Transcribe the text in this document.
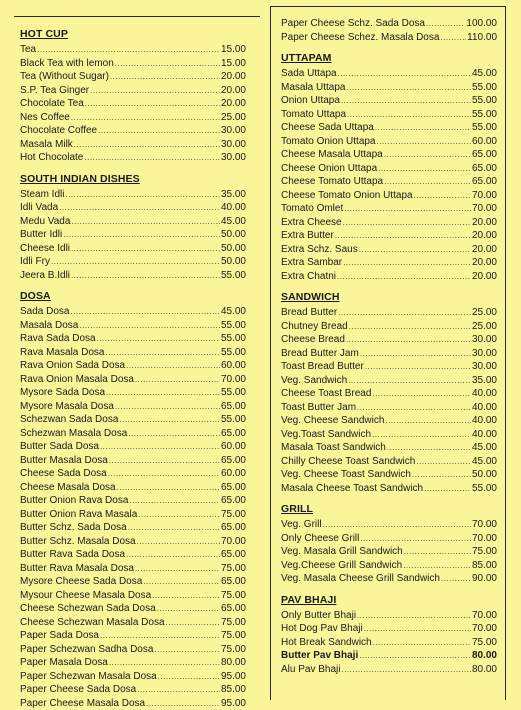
HOT CUP
Tea .....	15.00
Black Tea with lemon .....	15.00
Tea (Without Sugar) .....	20.00
S.P. Tea Ginger .....	20.00
Chocolate Tea .....	20.00
Nes Coffee .....	25.00
Chocolate Coffee .....	30.00
Masala Milk .....	30.00
Hot Chocolate .....	30.00
SOUTH INDIAN DISHES
Steam Idli .....	35.00
Idli Vada .....	40.00
Medu Vada .....	45.00
Butter Idli .....	50.00
Cheese Idli .....	50.00
Idli Fry .....	50.00
Jeera B.Idli .....	55.00
DOSA
Sada Dosa .....	45.00
Masala Dosa .....	55.00
Rava Sada Dosa .....	55.00
Rava Masala Dosa .....	55.00
Rava Onion Sada Dosa .....	60.00
Rava Onion Masala Dosa .....	70.00
Mysore Sada Dosa .....	55.00
Mysore Masala Dosa .....	65.00
Schezwan Sada Dosa .....	55.00
Schezwan Masala Dosa .....	65.00
Butter Sada Dosa .....	60.00
Butter Masala Dosa .....	65.00
Cheese Sada Dosa .....	60.00
Cheese Masala Dosa .....	65.00
Butter Onion Rava Dosa .....	65.00
Butter Onion Rava Masala .....	75.00
Butter Schz. Sada Dosa .....	65.00
Butter Schz. Masala Dosa .....	70.00
Butter Rava Sada Dosa .....	65.00
Butter Rava Masala Dosa .....	75.00
Mysore Cheese Sada Dosa .....	65.00
Mysour Cheese Masala Dosa .....	75.00
Cheese Schezwan Sada Dosa .....	65.00
Cheese Schezwan Masala Dosa .....	75.00
Paper Sada Dosa .....	75.00
Paper Schezwan Sadha Dosa .....	75.00
Paper Masala Dosa .....	80.00
Paper Schezwan Masala Dosa .....	95.00
Paper Cheese Sada Dosa .....	85.00
Paper Cheese Masala Dosa .....	95.00
Paper Cheese Schz. Sada Dosa .....	100.00
Paper Cheese Schez. Masala Dosa .....	110.00
UTTAPAM
Sada Uttapa .....	45.00
Masala Uttapa .....	55.00
Onion Uttapa .....	55.00
Tomato Uttapa .....	55.00
Cheese Sada Uttapa .....	55.00
Tomato Onion Uttapa .....	60.00
Cheese Masala Uttapa .....	65.00
Cheese Onion Uttapa .....	65.00
Cheese Tomato Uttapa .....	65.00
Cheese Tomato Onion Uttapa .....	70.00
Tomato Omlet .....	70.00
Extra Cheese .....	20.00
Extra Butter .....	20.00
Extra Schz. Saus .....	20.00
Extra Sambar .....	20.00
Extra Chatni .....	20.00
SANDWICH
Bread Butter .....	25.00
Chutney Bread .....	25.00
Cheese Bread .....	30.00
Bread Butter Jam .....	30.00
Toast Bread Butter .....	30.00
Veg. Sandwich .....	35.00
Cheese Toast Bread .....	40.00
Toast Butter Jam .....	40.00
Veg. Cheese Sandwich .....	40.00
Veg.Toast Sandwich .....	40.00
Masala Toast Sandwich .....	45.00
Chilly Cheese Toast Sandwich .....	45.00
Veg. Cheese Toast Sandwich .....	50.00
Masala Cheese Toast Sandwich .....	55.00
GRILL
Veg. Grill .....	70.00
Only Cheese Grill .....	70.00
Veg. Masala Grill Sandwich .....	75.00
Veg.Cheese Grill Sandwich .....	85.00
Veg. Masala Cheese Grill Sandwich .....	90.00
PAV BHAJI
Only Butter Bhaji .....	70.00
Hot Dog Pav Bhaji .....	70.00
Hot Break Sandwich .....	75.00
Butter Pav Bhaji .....	80.00
Alu Pav Bhaji .....	80.00
